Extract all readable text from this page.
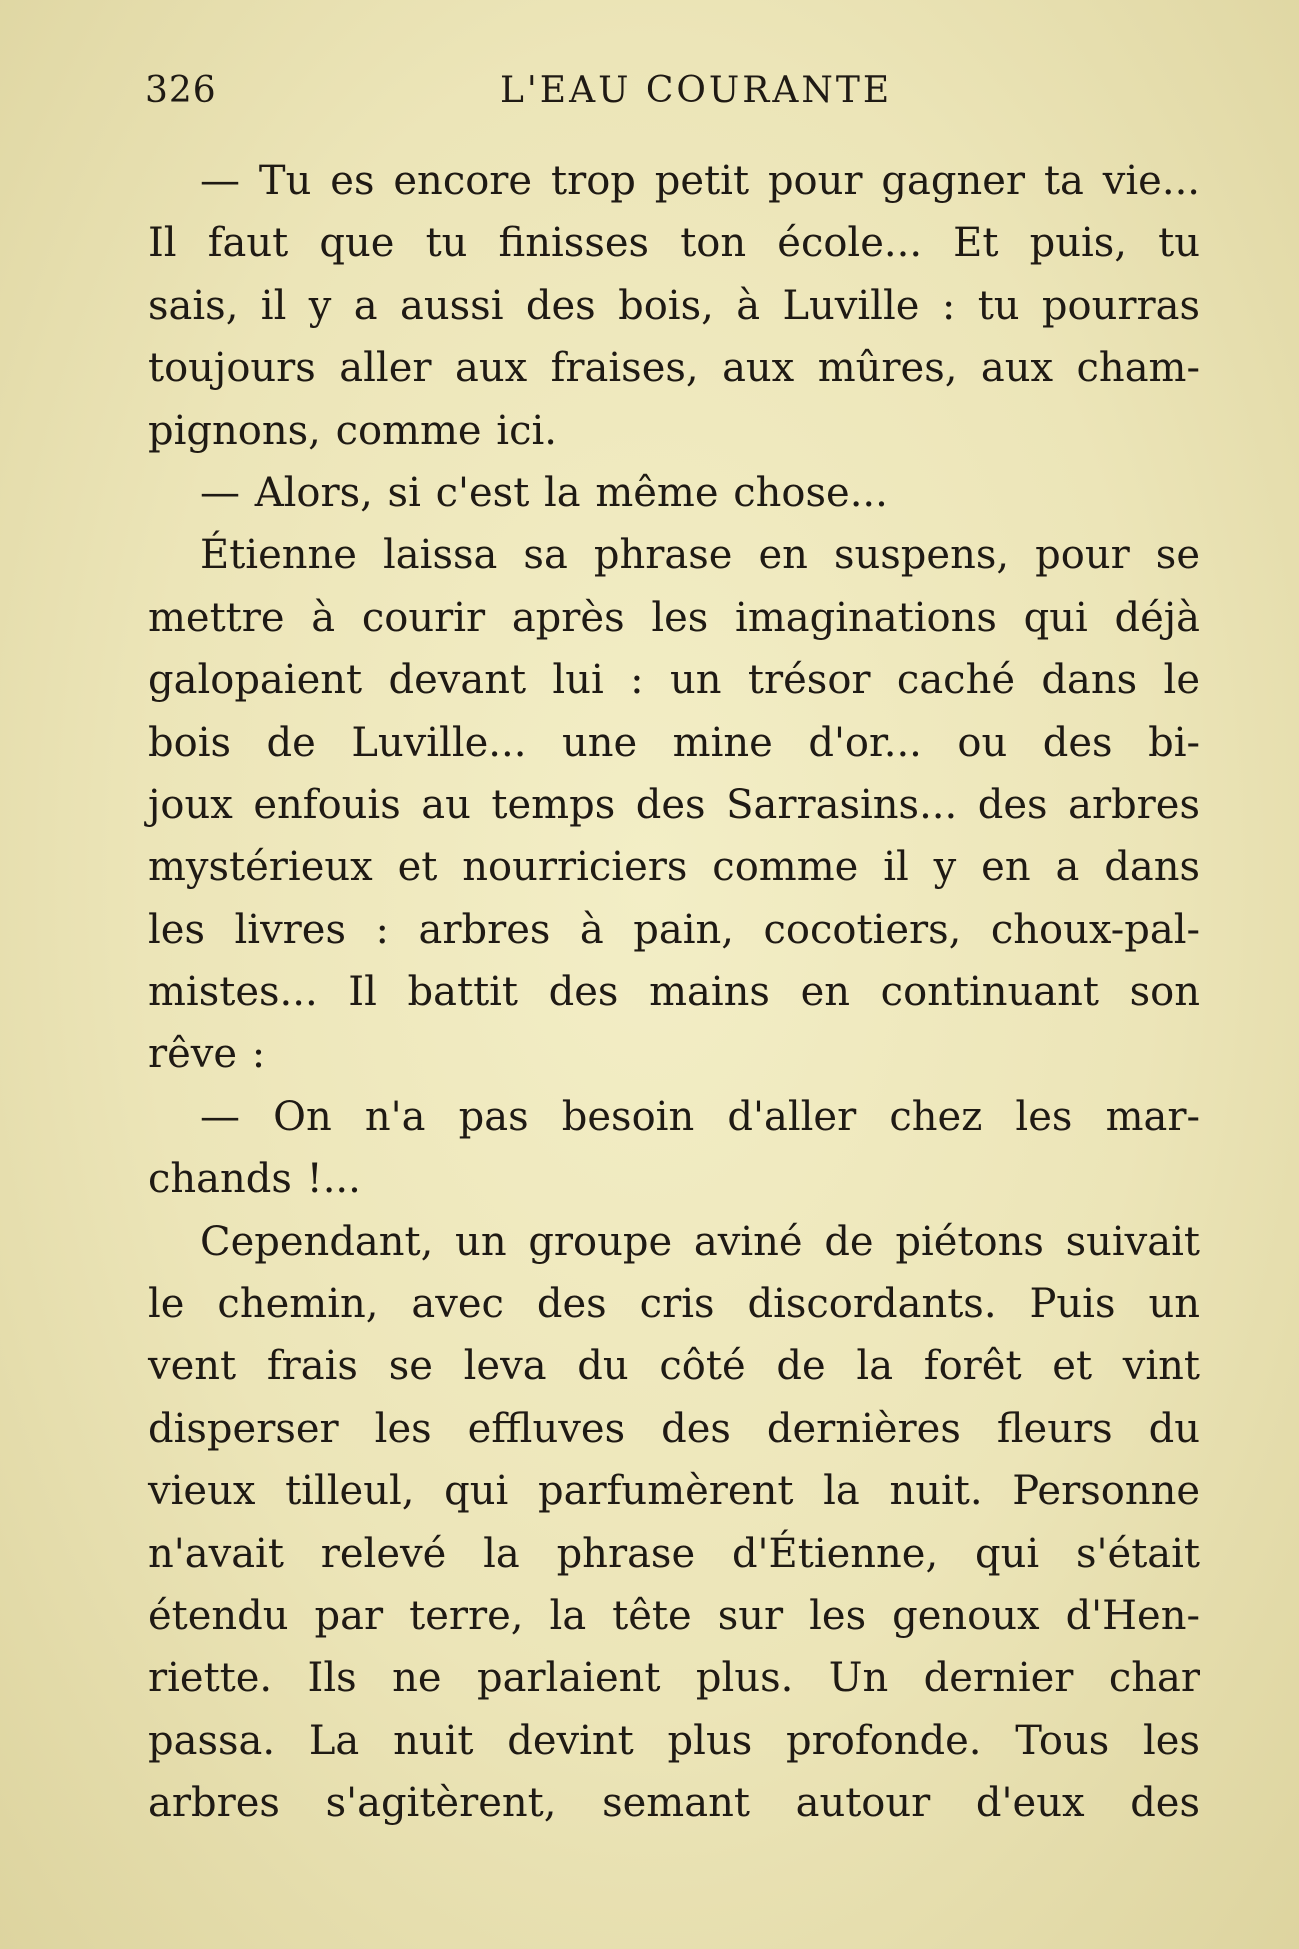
326	L'EAU COURANTE
— Tu es encore trop petit pour gagner ta vie...
Il faut que tu finisses ton école... Et puis, tu
sais, il y a aussi des bois, à Luville : tu pourras
toujours aller aux fraises, aux mûres, aux cham-
pignons, comme ici.
— Alors, si c'est la même chose...
Étienne laissa sa phrase en suspens, pour se
mettre à courir après les imaginations qui déjà
galopaient devant lui : un trésor caché dans le
bois de Luville... une mine d'or... ou des bi-
joux enfouis au temps des Sarrasins... des arbres
mystérieux et nourriciers comme il y en a dans
les livres : arbres à pain, cocotiers, choux-pal-
mistes... Il battit des mains en continuant son
rêve :
— On n'a pas besoin d'aller chez les mar-
chands !...
Cependant, un groupe aviné de piétons suivait
le chemin, avec des cris discordants. Puis un
vent frais se leva du côté de la forêt et vint
disperser les effluves des dernières fleurs du
vieux tilleul, qui parfumèrent la nuit. Personne
n'avait relevé la phrase d'Étienne, qui s'était
étendu par terre, la tête sur les genoux d'Hen-
riette. Ils ne parlaient plus. Un dernier char
passa. La nuit devint plus profonde. Tous les
arbres s'agitèrent, semant autour d'eux des
